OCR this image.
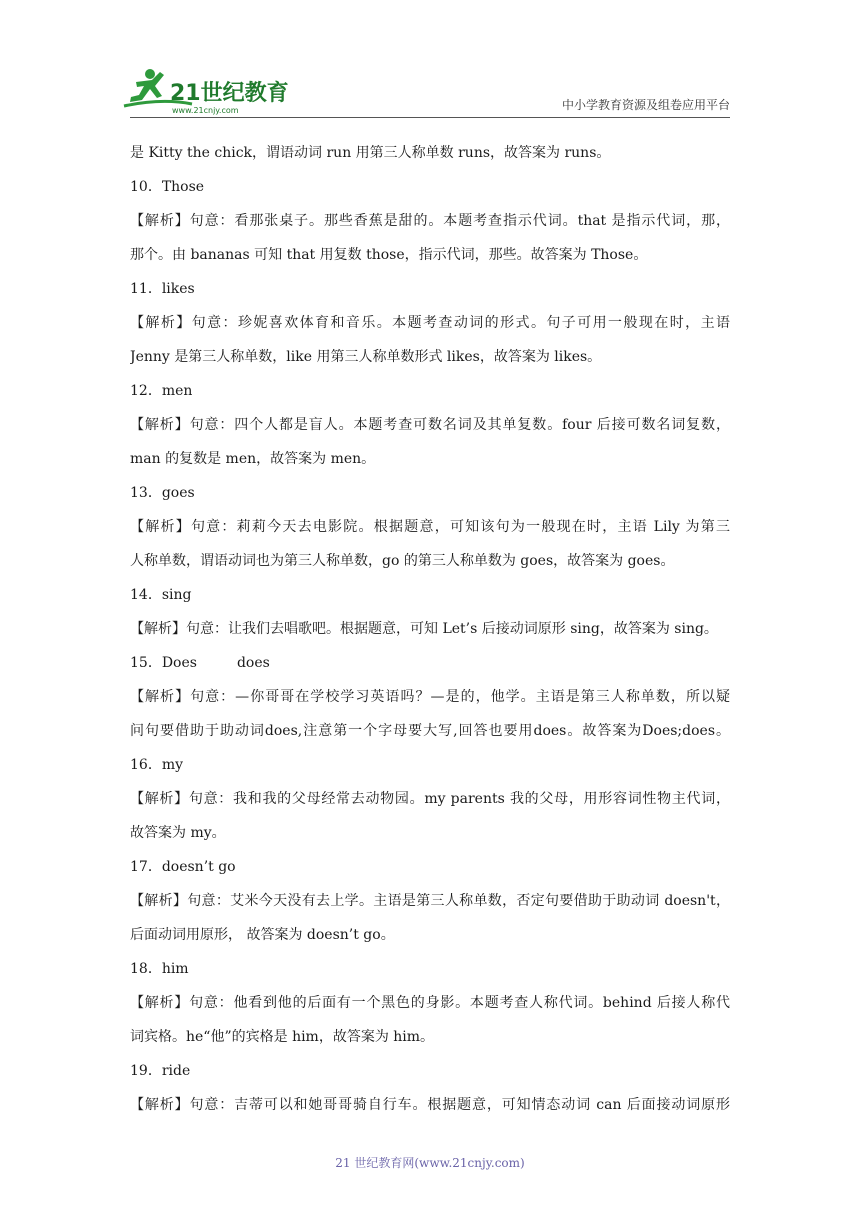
21世纪教育
www.21cnjy.com	中小学教育资源及组卷应用平台
是 Kitty the chick，谓语动词 run 用第三人称单数 runs，故答案为 runs。
10．Those
【解析】句意：看那张桌子。那些香蕉是甜的。本题考查指示代词。that 是指示代词，那，
那个。由 bananas 可知 that 用复数 those，指示代词，那些。故答案为 Those。
11．likes
【解析】句意：珍妮喜欢体育和音乐。本题考查动词的形式。句子可用一般现在时，主语
Jenny 是第三人称单数，like 用第三人称单数形式 likes，故答案为 likes。
12．men
【解析】句意：四个人都是盲人。本题考查可数名词及其单复数。four 后接可数名词复数，
man 的复数是 men，故答案为 men。
13．goes
【解析】句意：莉莉今天去电影院。根据题意，可知该句为一般现在时，主语 Lily 为第三
人称单数，谓语动词也为第三人称单数，go 的第三人称单数为 goes，故答案为 goes。
14．sing
【解析】句意：让我们去唱歌吧。根据题意，可知 Let’s 后接动词原形 sing，故答案为 sing。
15．Does	does
【解析】句意：—你哥哥在学校学习英语吗？—是的，他学。主语是第三人称单数，所以疑
问句要借助于助动词does,注意第一个字母要大写,回答也要用does。故答案为Does;does。
16．my
【解析】句意：我和我的父母经常去动物园。my parents 我的父母，用形容词性物主代词，
故答案为 my。
17．doesn’t go
【解析】句意：艾米今天没有去上学。主语是第三人称单数，否定句要借助于助动词 doesn't，
后面动词用原形， 故答案为 doesn’t go。
18．him
【解析】句意：他看到他的后面有一个黑色的身影。本题考查人称代词。behind 后接人称代
词宾格。he“他”的宾格是 him，故答案为 him。
19．ride
【解析】句意：吉蒂可以和她哥哥骑自行车。根据题意，可知情态动词 can 后面接动词原形
21 世纪教育网(www.21cnjy.com)
